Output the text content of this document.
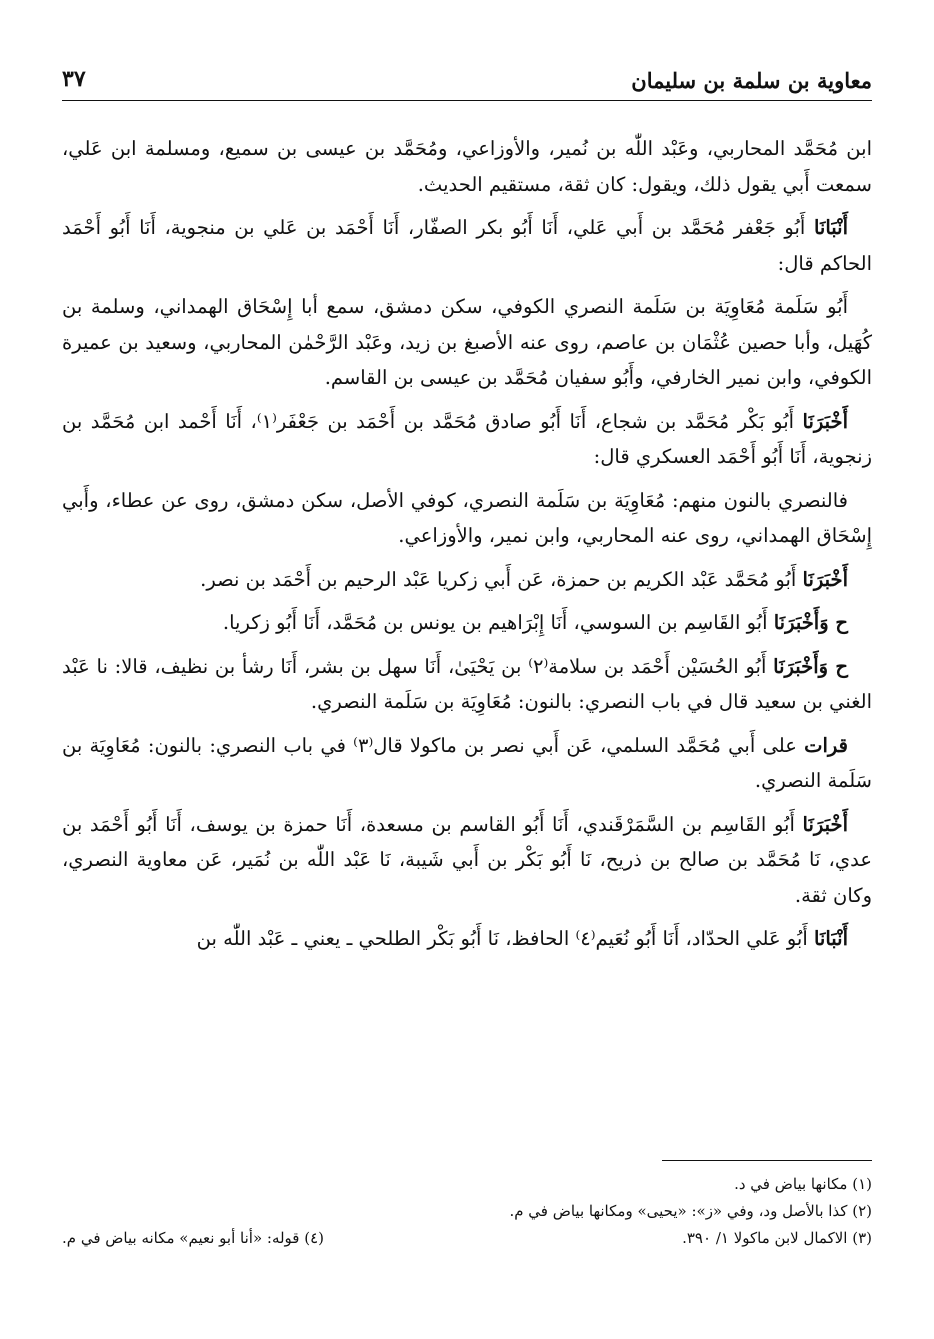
معاوية بن سلمة بن سليمان
٣٧

ابن مُحَمَّد المحاربي، وعَبْد اللّٰه بن نُمير، والأوزاعي، ومُحَمَّد بن عيسى بن سميع، ومسلمة ابن عَلي، سمعت أَبي يقول ذلك، ويقول: كان ثقة، مستقيم الحديث.

أَنْبَانَا أَبُو جَعْفر مُحَمَّد بن أَبي عَلي، أَنَا أَبُو بكر الصفّار، أَنَا أَحْمَد بن عَلي بن منجوية، أَنَا أَبُو أَحْمَد الحاكم قال:

أَبُو سَلَمة مُعَاوِيَة بن سَلَمة النصري الكوفي، سكن دمشق، سمع أبا إِسْحَاق الهمداني، وسلمة بن كُهَيل، وأبا حصين عُثْمَان بن عاصم، روى عنه الأصبغ بن زيد، وعَبْد الرَّحْمٰن المحاربي، وسعيد بن عميرة الكوفي، وابن نمير الخارفي، وأَبُو سفيان مُحَمَّد بن عيسى بن القاسم.

أَخْبَرَنَا أَبُو بَكْر مُحَمَّد بن شجاع، أَنَا أَبُو صادق مُحَمَّد بن أَحْمَد بن جَعْفَر⁽١⁾، أَنَا أَحْمد ابن مُحَمَّد بن زنجوية، أَنَا أَبُو أَحْمَد العسكري قال:

فالنصري بالنون منهم: مُعَاوِيَة بن سَلَمة النصري، كوفي الأصل، سكن دمشق، روى عن عطاء، وأَبي إِسْحَاق الهمداني، روى عنه المحاربي، وابن نمير، والأوزاعي.

أَخْبَرَنَا أَبُو مُحَمَّد عَبْد الكريم بن حمزة، عَن أَبي زكريا عَبْد الرحيم بن أَحْمَد بن نصر.

ح وَأَخْبَرَنَا أَبُو القَاسِم بن السوسي، أَنَا إِبْرَاهيم بن يونس بن مُحَمَّد، أَنَا أَبُو زكريا.

ح وَأَخْبَرَنَا أَبُو الحُسَيْن أَحْمَد بن سلامة⁽٢⁾ بن يَحْيَىٰ، أَنَا سهل بن بشر، أَنَا رشأ بن نظيف، قالا: نا عَبْد الغني بن سعيد قال في باب النصري: بالنون: مُعَاوِيَة بن سَلَمة النصري.

قرات على أَبي مُحَمَّد السلمي، عَن أَبي نصر بن ماكولا قال⁽٣⁾ في باب النصري: بالنون: مُعَاوِيَة بن سَلَمة النصري.

أَخْبَرَنَا أَبُو القَاسِم بن السَّمَرْقَندي، أَنَا أَبُو القاسم بن مسعدة، أَنَا حمزة بن يوسف، أَنَا أَبُو أَحْمَد بن عدي، نَا مُحَمَّد بن صالح بن ذريح، نَا أَبُو بَكْر بن أَبي شَيبة، نَا عَبْد اللّٰه بن نُمَير، عَن معاوية النصري، وكان ثقة.

أَنْبَانَا أَبُو عَلي الحدّاد، أَنَا أَبُو نُعَيم⁽٤⁾ الحافظ، نَا أَبُو بَكْر الطلحي ـ يعني ـ عَبْد اللّٰه بن

(١) مكانها بياض في د.
(٢) كذا بالأصل ود، وفي «ز»: «يحيى» ومكانها بياض في م.
(٣) الاكمال لابن ماكولا ١/ ٣٩٠.
(٤) قوله: «أنا أبو نعيم» مكانه بياض في م.
